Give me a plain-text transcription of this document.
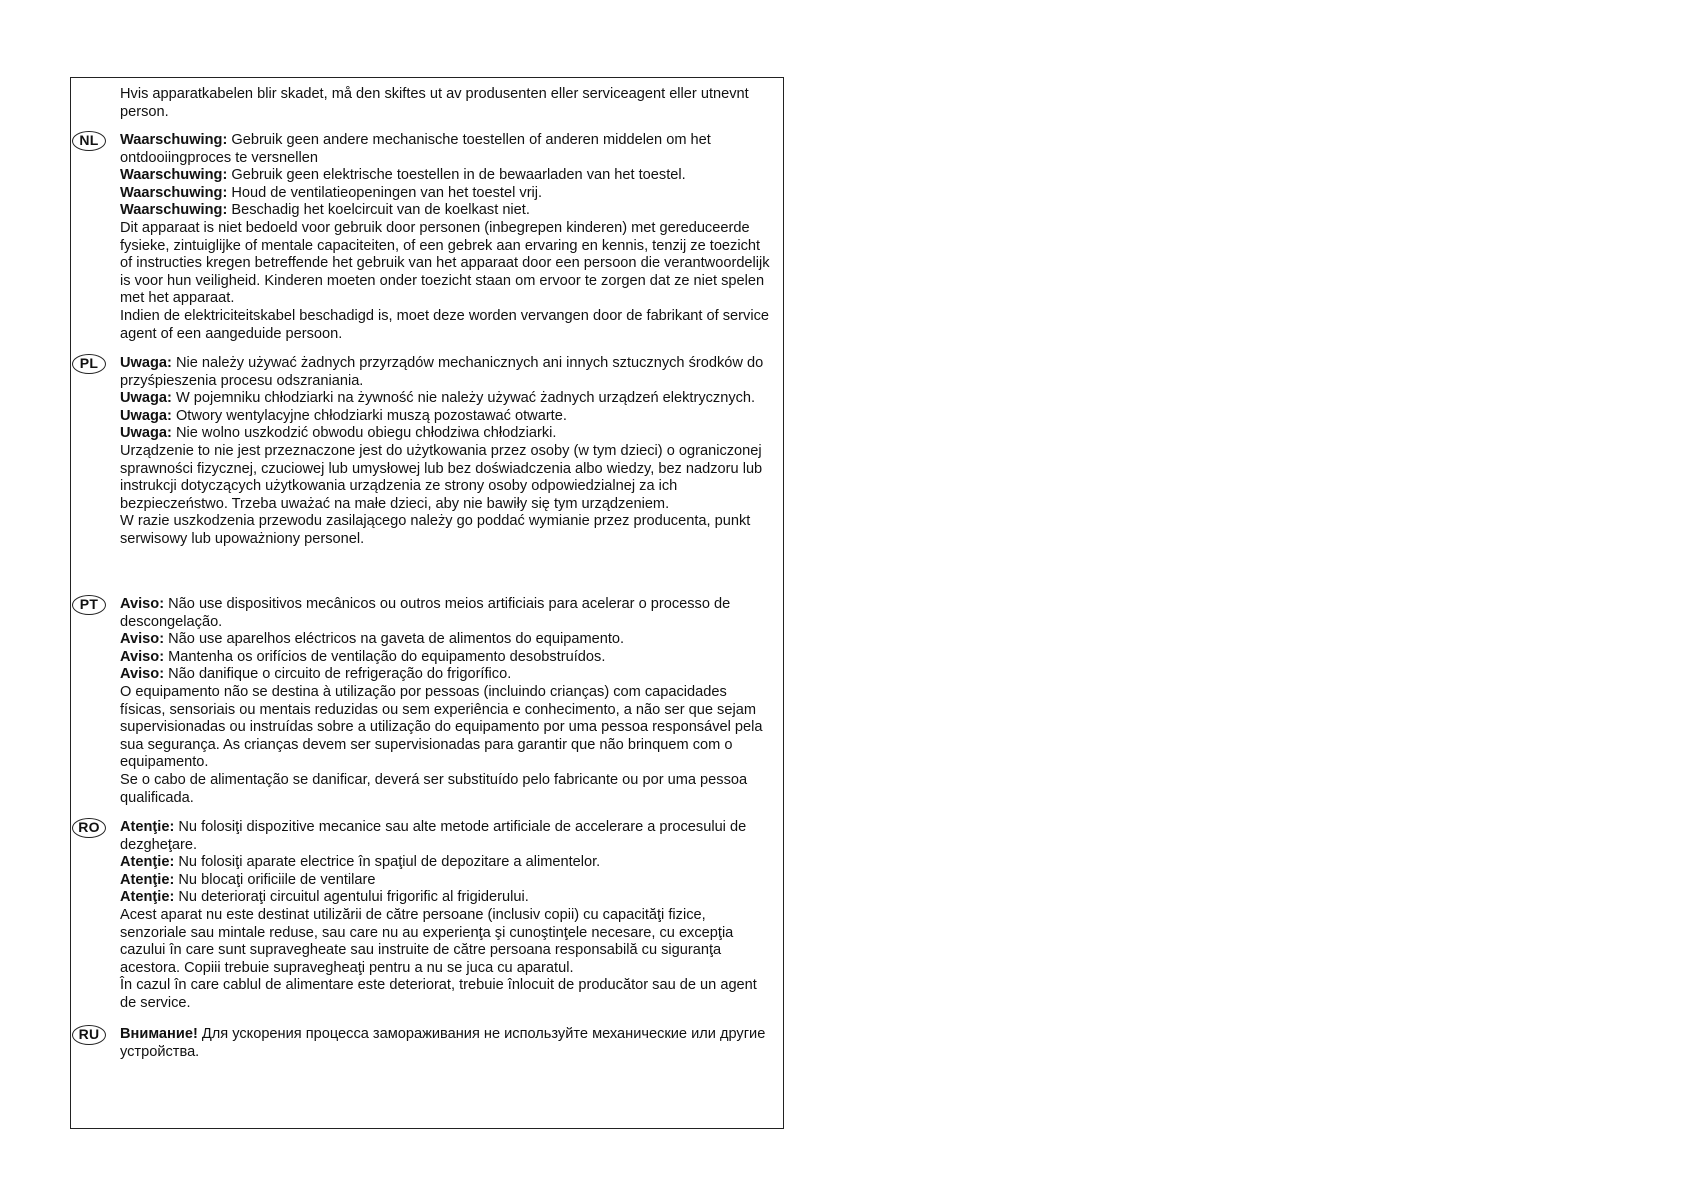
Hvis apparatkabelen blir skadet, må den skiftes ut av produsenten eller serviceagent eller utnevnt person.

NL	Waarschuwing: Gebruik geen andere mechanische toestellen of anderen middelen om het ontdooiingproces te versnellen

Waarschuwing: Gebruik geen elektrische toestellen in de bewaarladen van het toestel.

Waarschuwing: Houd de ventilatieopeningen van het toestel vrij.

Waarschuwing: Beschadig het koelcircuit van de koelkast niet.

Dit apparaat is niet bedoeld voor gebruik door personen (inbegrepen kinderen) met gereduceerde fysieke, zintuiglijke of mentale capaciteiten, of een gebrek aan ervaring en kennis, tenzij ze toezicht of instructies kregen betreffende het gebruik van het apparaat door een persoon die verantwoordelijk is voor hun veiligheid. Kinderen moeten onder toezicht staan om ervoor te zorgen dat ze niet spelen met het apparaat.

Indien de elektriciteitskabel beschadigd is, moet deze worden vervangen door de fabrikant of service agent of een aangeduide persoon.

PL	Uwaga: Nie należy używać żadnych przyrządów mechanicznych ani innych sztucznych środków do przyśpieszenia procesu odszraniania.

Uwaga: W pojemniku chłodziarki na żywność nie należy używać żadnych urządzeń elektrycznych.

Uwaga: Otwory wentylacyjne chłodziarki muszą pozostawać otwarte.

Uwaga: Nie wolno uszkodzić obwodu obiegu chłodziwa chłodziarki.

Urządzenie to nie jest przeznaczone jest do użytkowania przez osoby (w tym dzieci) o ograniczonej sprawności fizycznej, czuciowej lub umysłowej lub bez doświadczenia albo wiedzy, bez nadzoru lub instrukcji dotyczących użytkowania urządzenia ze strony osoby odpowiedzialnej za ich bezpieczeństwo. Trzeba uważać na małe dzieci, aby nie bawiły się tym urządzeniem.

W razie uszkodzenia przewodu zasilającego należy go poddać wymianie przez producenta, punkt serwisowy lub upoważniony personel.

PT	Aviso: Não use dispositivos mecânicos ou outros meios artificiais para acelerar o processo de descongelação.

Aviso: Não use aparelhos eléctricos na gaveta de alimentos do equipamento.

Aviso: Mantenha os orifícios de ventilação do equipamento desobstruídos.

Aviso: Não danifique o circuito de refrigeração do frigorífico.

O equipamento não se destina à utilização por pessoas (incluindo crianças) com capacidades físicas, sensoriais ou mentais reduzidas ou sem experiência e conhecimento, a não ser que sejam supervisionadas ou instruídas sobre a utilização do equipamento por uma pessoa responsável pela sua segurança. As crianças devem ser supervisionadas para garantir que não brinquem com o equipamento.

Se o cabo de alimentação se danificar, deverá ser substituído pelo fabricante ou por uma pessoa qualificada.

RO	Atenţie: Nu folosiţi dispozitive mecanice sau alte metode artificiale de accelerare a procesului de dezgheţare.

Atenţie: Nu folosiţi aparate electrice în spaţiul de depozitare a alimentelor.

Atenţie: Nu blocaţi orificiile de ventilare

Atenţie: Nu deterioraţi circuitul agentului frigorific al frigiderului.

Acest aparat nu este destinat utilizării de către persoane (inclusiv copii) cu capacităţi fizice, senzoriale sau mintale reduse, sau care nu au experienţa şi cunoştinţele necesare, cu excepţia cazului în care sunt supravegheate sau instruite de către persoana responsabilă cu siguranţa acestora. Copiii trebuie supravegheaţi pentru a nu se juca cu aparatul.

În cazul în care cablul de alimentare este deteriorat, trebuie înlocuit de producător sau de un agent de service.

RU	Внимание! Для ускорения процесса замораживания не используйте механические или другие устройства.
